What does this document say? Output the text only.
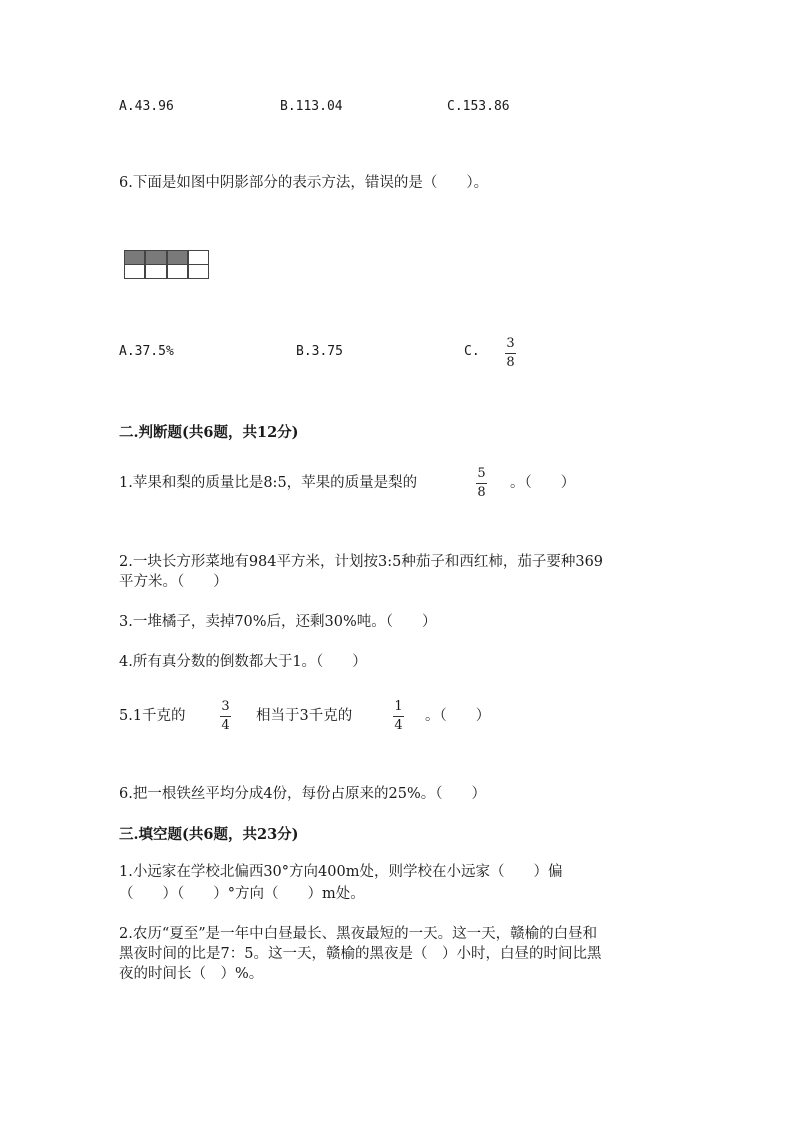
A.43.96	B.113.04	C.153.86
6.下面是如图中阴影部分的表示方法，错误的是（　　）。
A.37.5%	B.3.75	C.
3
8
二.判断题(共6题，共12分)
1.苹果和梨的质量比是8:5，苹果的质量是梨的
5
8
。（　　）
2.一块长方形菜地有984平方米，计划按3:5种茄子和西红柿，茄子要种369
平方米。（　　）
3.一堆橘子，卖掉70%后，还剩30%吨。（　　）
4.所有真分数的倒数都大于1。（　　）
5.1千克的
3
4
相当于3千克的
1
4
。（　　）
6.把一根铁丝平均分成4份，每份占原来的25%。（　　）
三.填空题(共6题，共23分)
1.小远家在学校北偏西30°方向400m处，则学校在小远家（　　）偏
（　　）（　　）°方向（　　）m处。
2.农历“夏至”是一年中白昼最长、黑夜最短的一天。这一天，赣榆的白昼和
黑夜时间的比是7：5。这一天，赣榆的黑夜是（　）小时，白昼的时间比黑
夜的时间长（　）%。
